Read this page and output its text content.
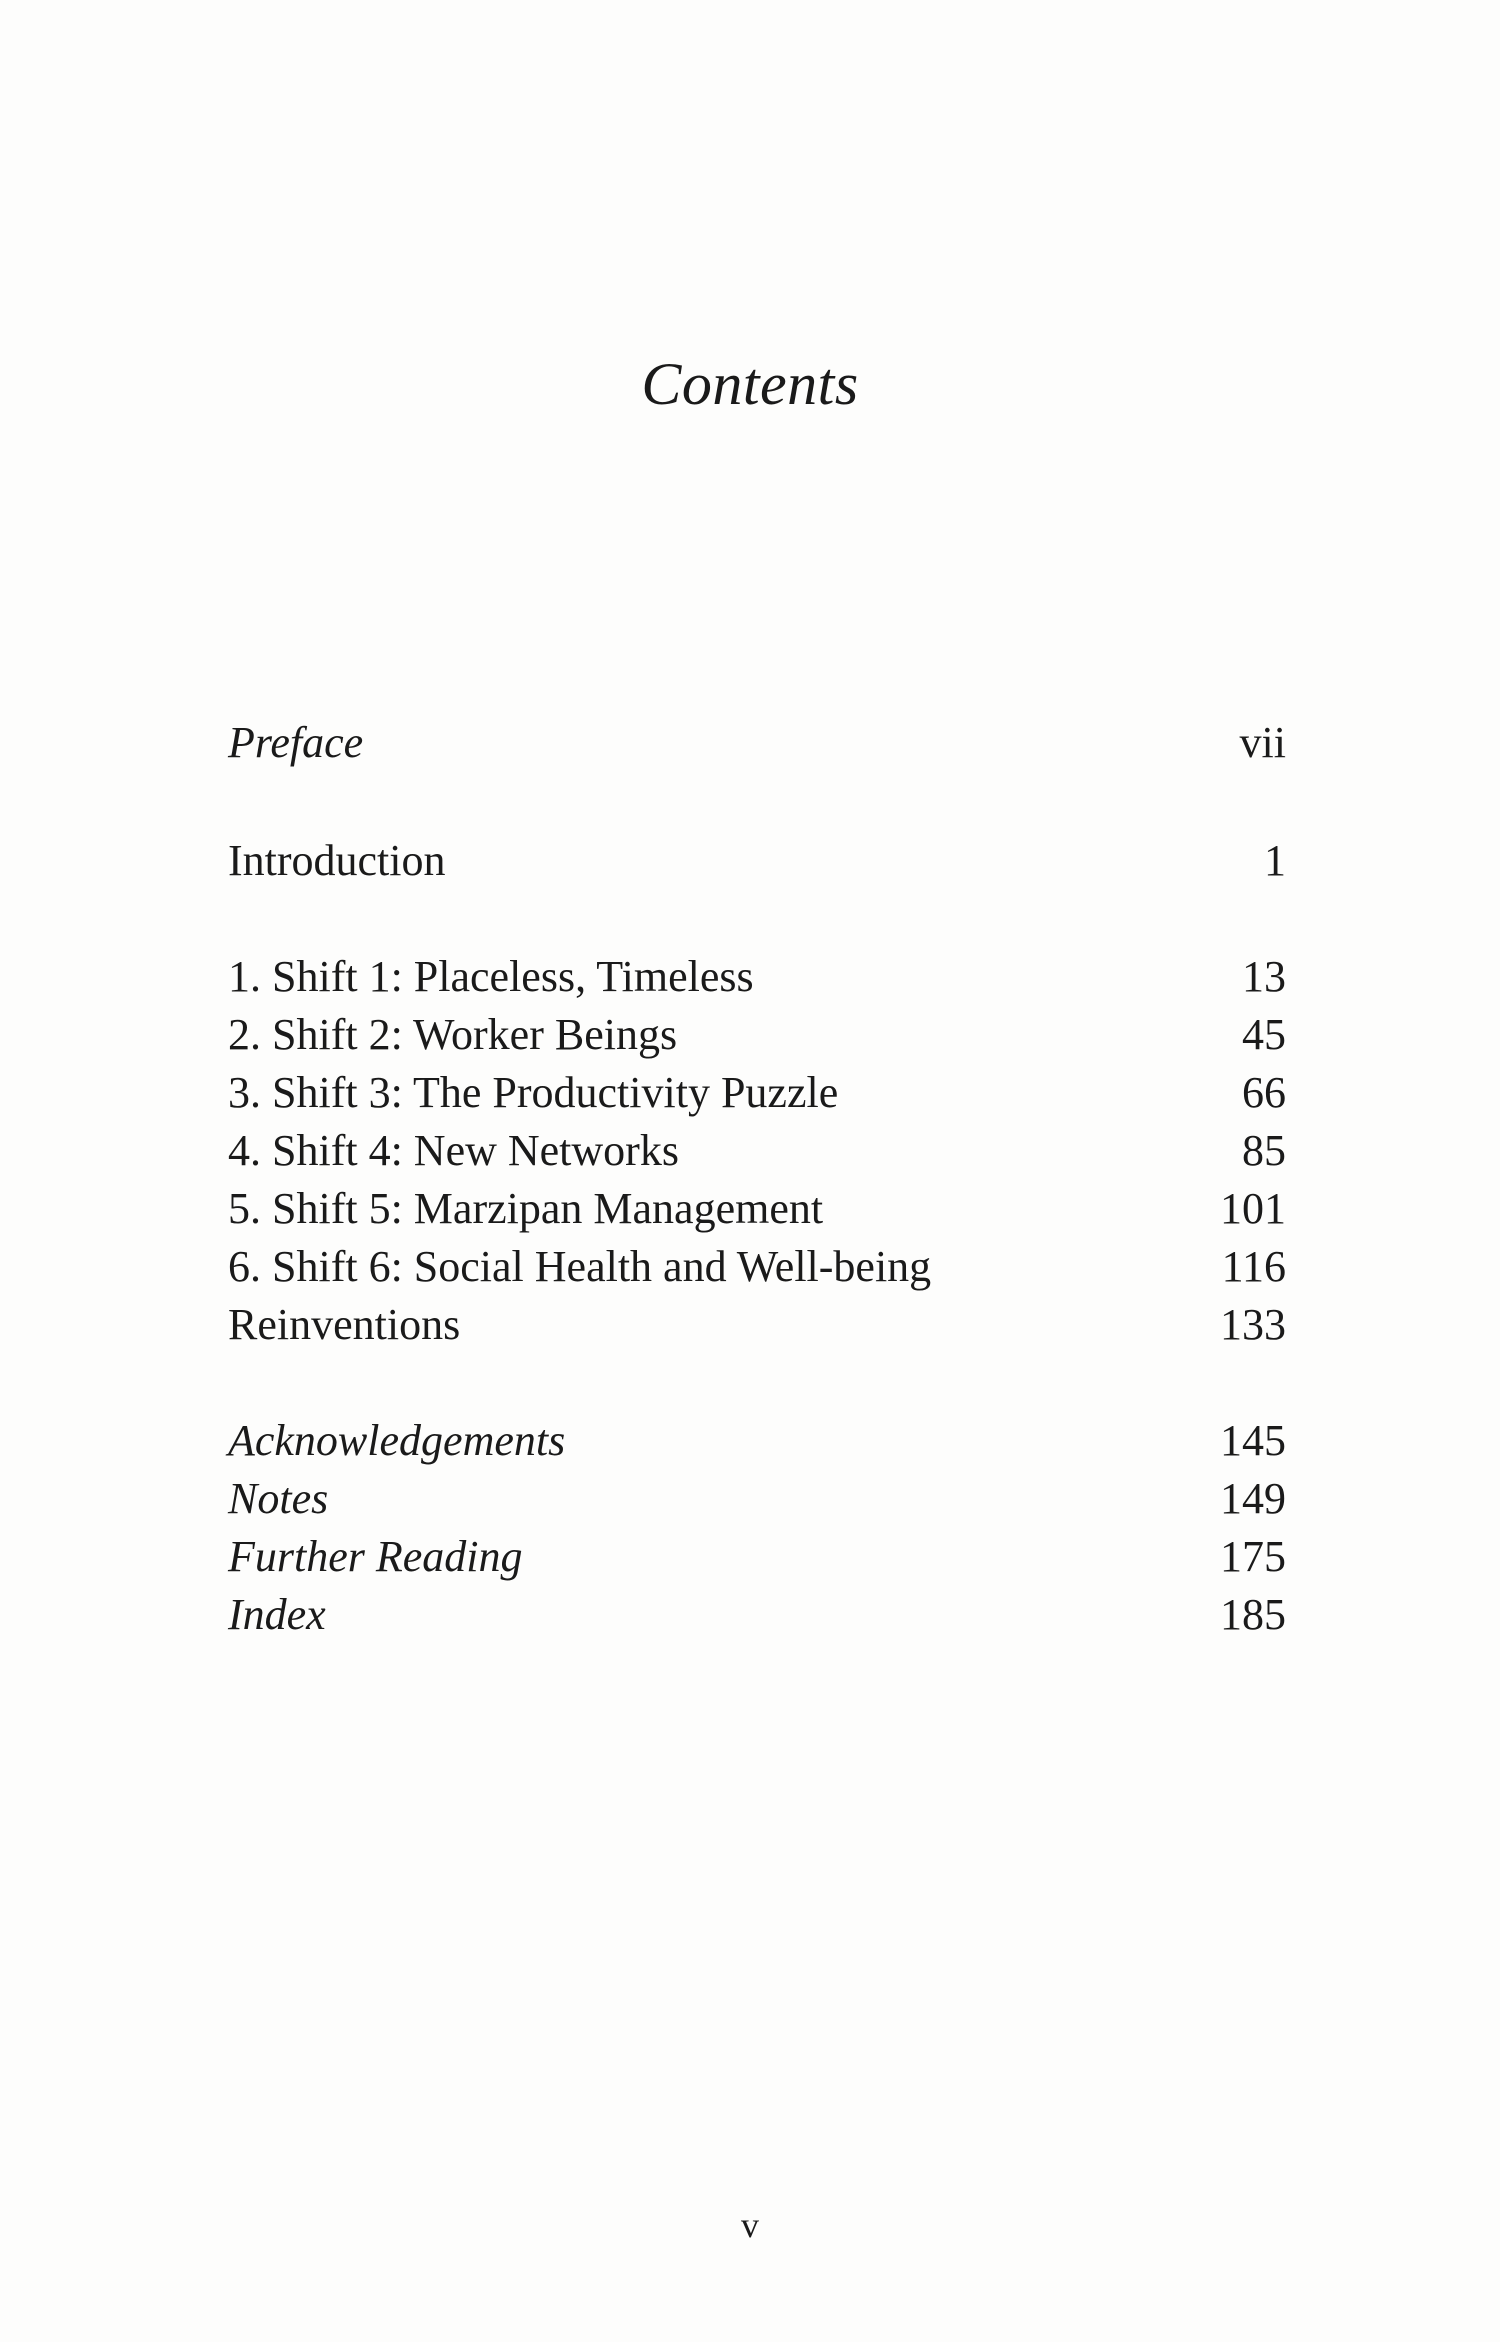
Contents
Preface	vii
Introduction	1
1. Shift 1: Placeless, Timeless	13
2. Shift 2: Worker Beings	45
3. Shift 3: The Productivity Puzzle	66
4. Shift 4: New Networks	85
5. Shift 5: Marzipan Management	101
6. Shift 6: Social Health and Well-being	116
Reinventions	133
Acknowledgements	145
Notes	149
Further Reading	175
Index	185
v
